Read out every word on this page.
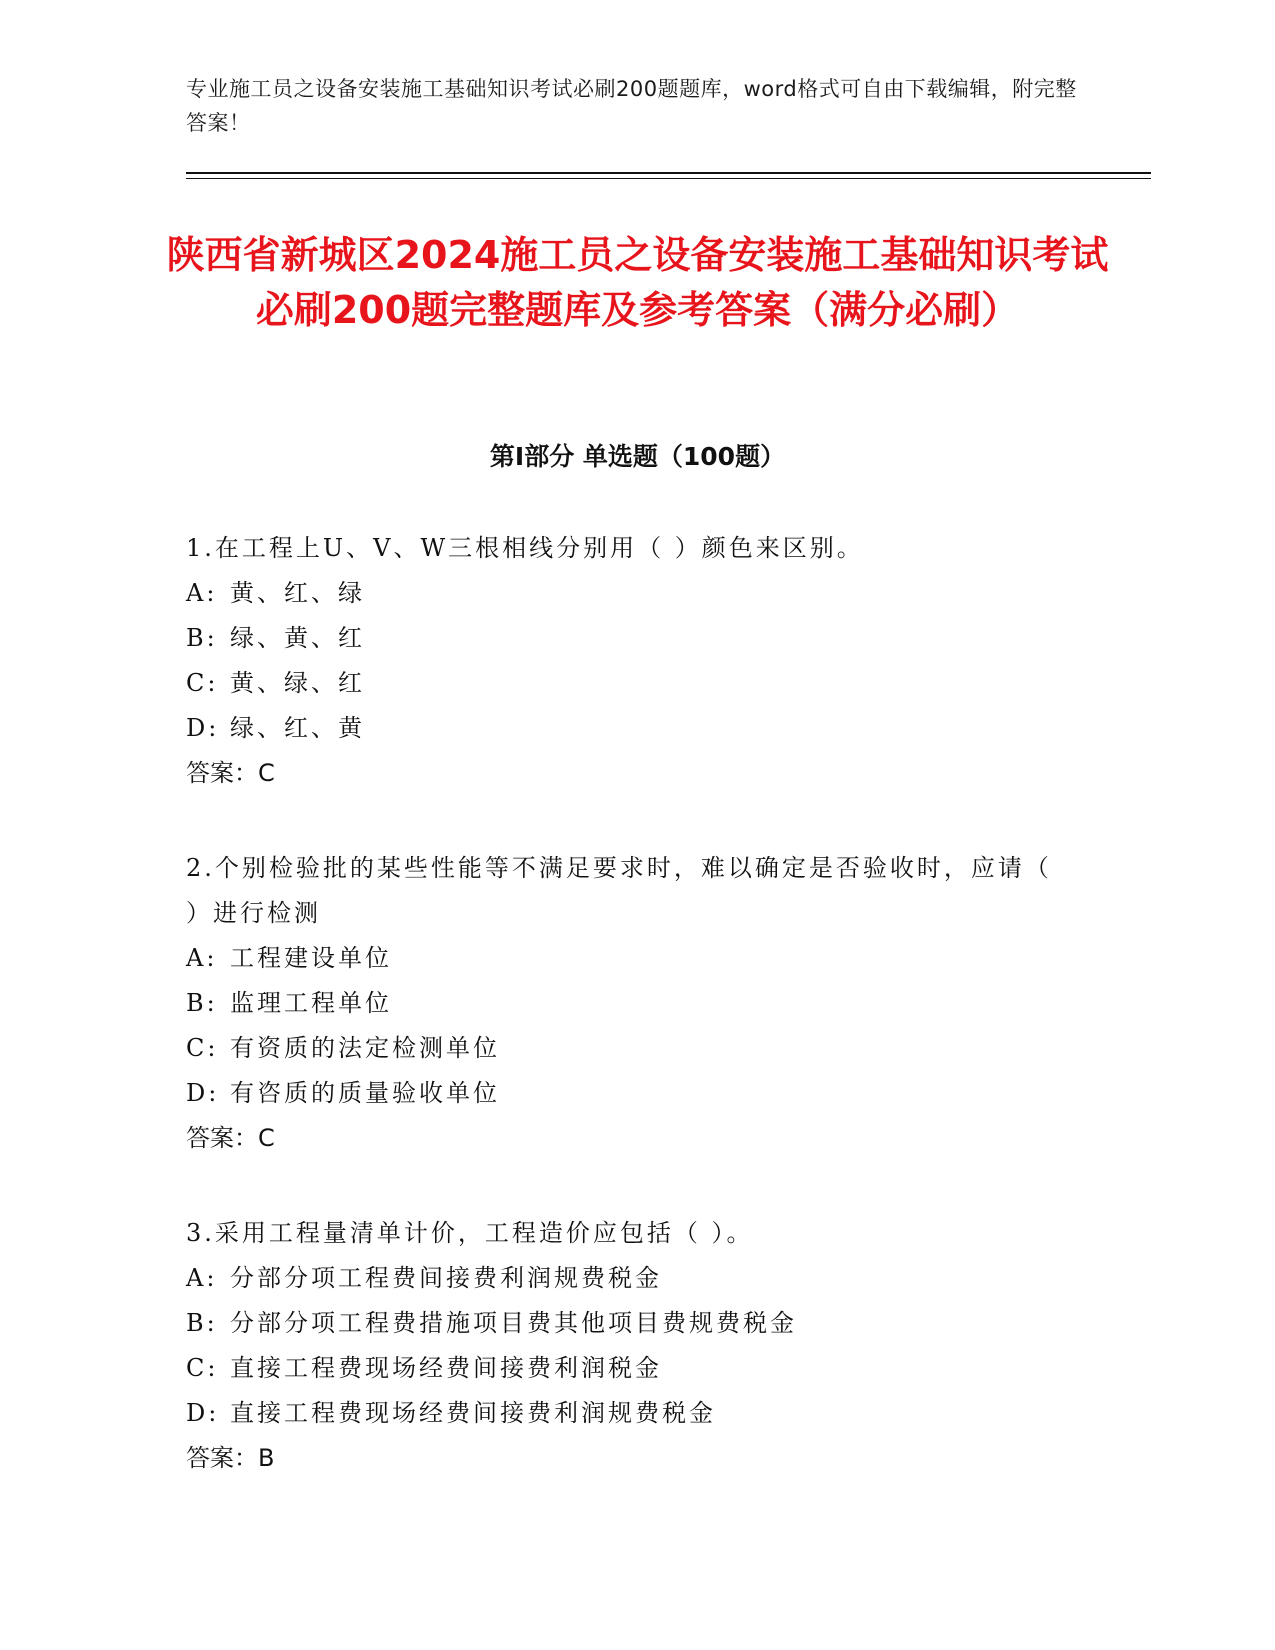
专业施工员之设备安装施工基础知识考试必刷200题题库，word格式可自由下载编辑，附完整答案！
陕西省新城区2024施工员之设备安装施工基础知识考试必刷200题完整题库及参考答案（满分必刷）
第Ⅰ部分 单选题（100题）
1.在工程上U、V、W三根相线分别用（ ）颜色来区别。
A: 黄、红、绿
B: 绿、黄、红
C: 黄、绿、红
D: 绿、红、黄
答案：C
2.个别检验批的某些性能等不满足要求时，难以确定是否验收时，应请（ ）进行检测
A: 工程建设单位
B: 监理工程单位
C: 有资质的法定检测单位
D: 有咨质的质量验收单位
答案：C
3.采用工程量清单计价，工程造价应包括（ ）。
A: 分部分项工程费间接费利润规费税金
B: 分部分项工程费措施项目费其他项目费规费税金
C: 直接工程费现场经费间接费利润税金
D: 直接工程费现场经费间接费利润规费税金
答案：B
